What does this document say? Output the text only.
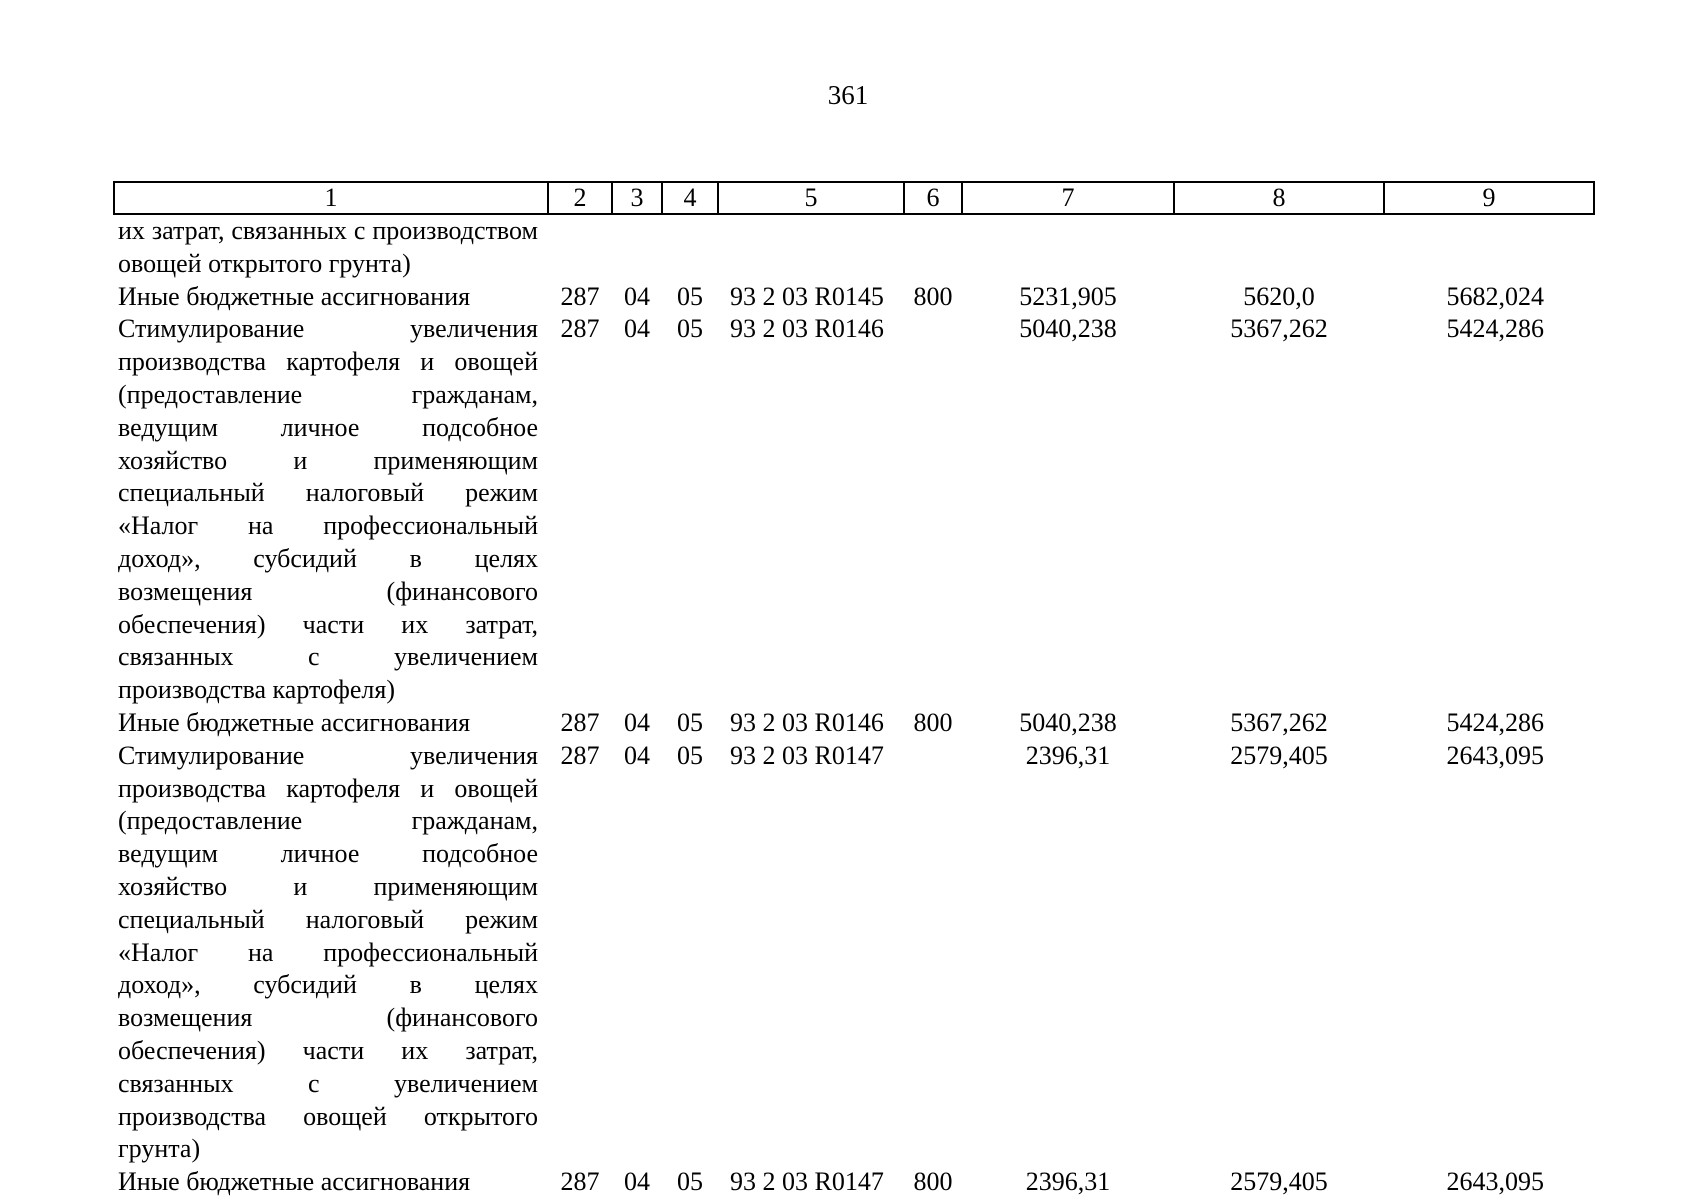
361
1	2	3	4	5	6	7	8	9
их затрат, связанных с производством овощей открытого грунта)								
Иные бюджетные ассигнования	287	04	05	93 2 03 R0145	800	5231,905	5620,0	5682,024
Стимулирование увеличения производства картофеля и овощей (предоставление гражданам, ведущим личное подсобное хозяйство и применяющим специальный налоговый режим «Налог на профессиональный доход», субсидий в целях возмещения (финансового обеспечения) части их затрат, связанных с увеличением производства картофеля)	287	04	05	93 2 03 R0146		5040,238	5367,262	5424,286
Иные бюджетные ассигнования	287	04	05	93 2 03 R0146	800	5040,238	5367,262	5424,286
Стимулирование увеличения производства картофеля и овощей (предоставление гражданам, ведущим личное подсобное хозяйство и применяющим специальный налоговый режим «Налог на профессиональный доход», субсидий в целях возмещения (финансового обеспечения) части их затрат, связанных с увеличением производства овощей открытого грунта)	287	04	05	93 2 03 R0147		2396,31	2579,405	2643,095
Иные бюджетные ассигнования	287	04	05	93 2 03 R0147	800	2396,31	2579,405	2643,095
